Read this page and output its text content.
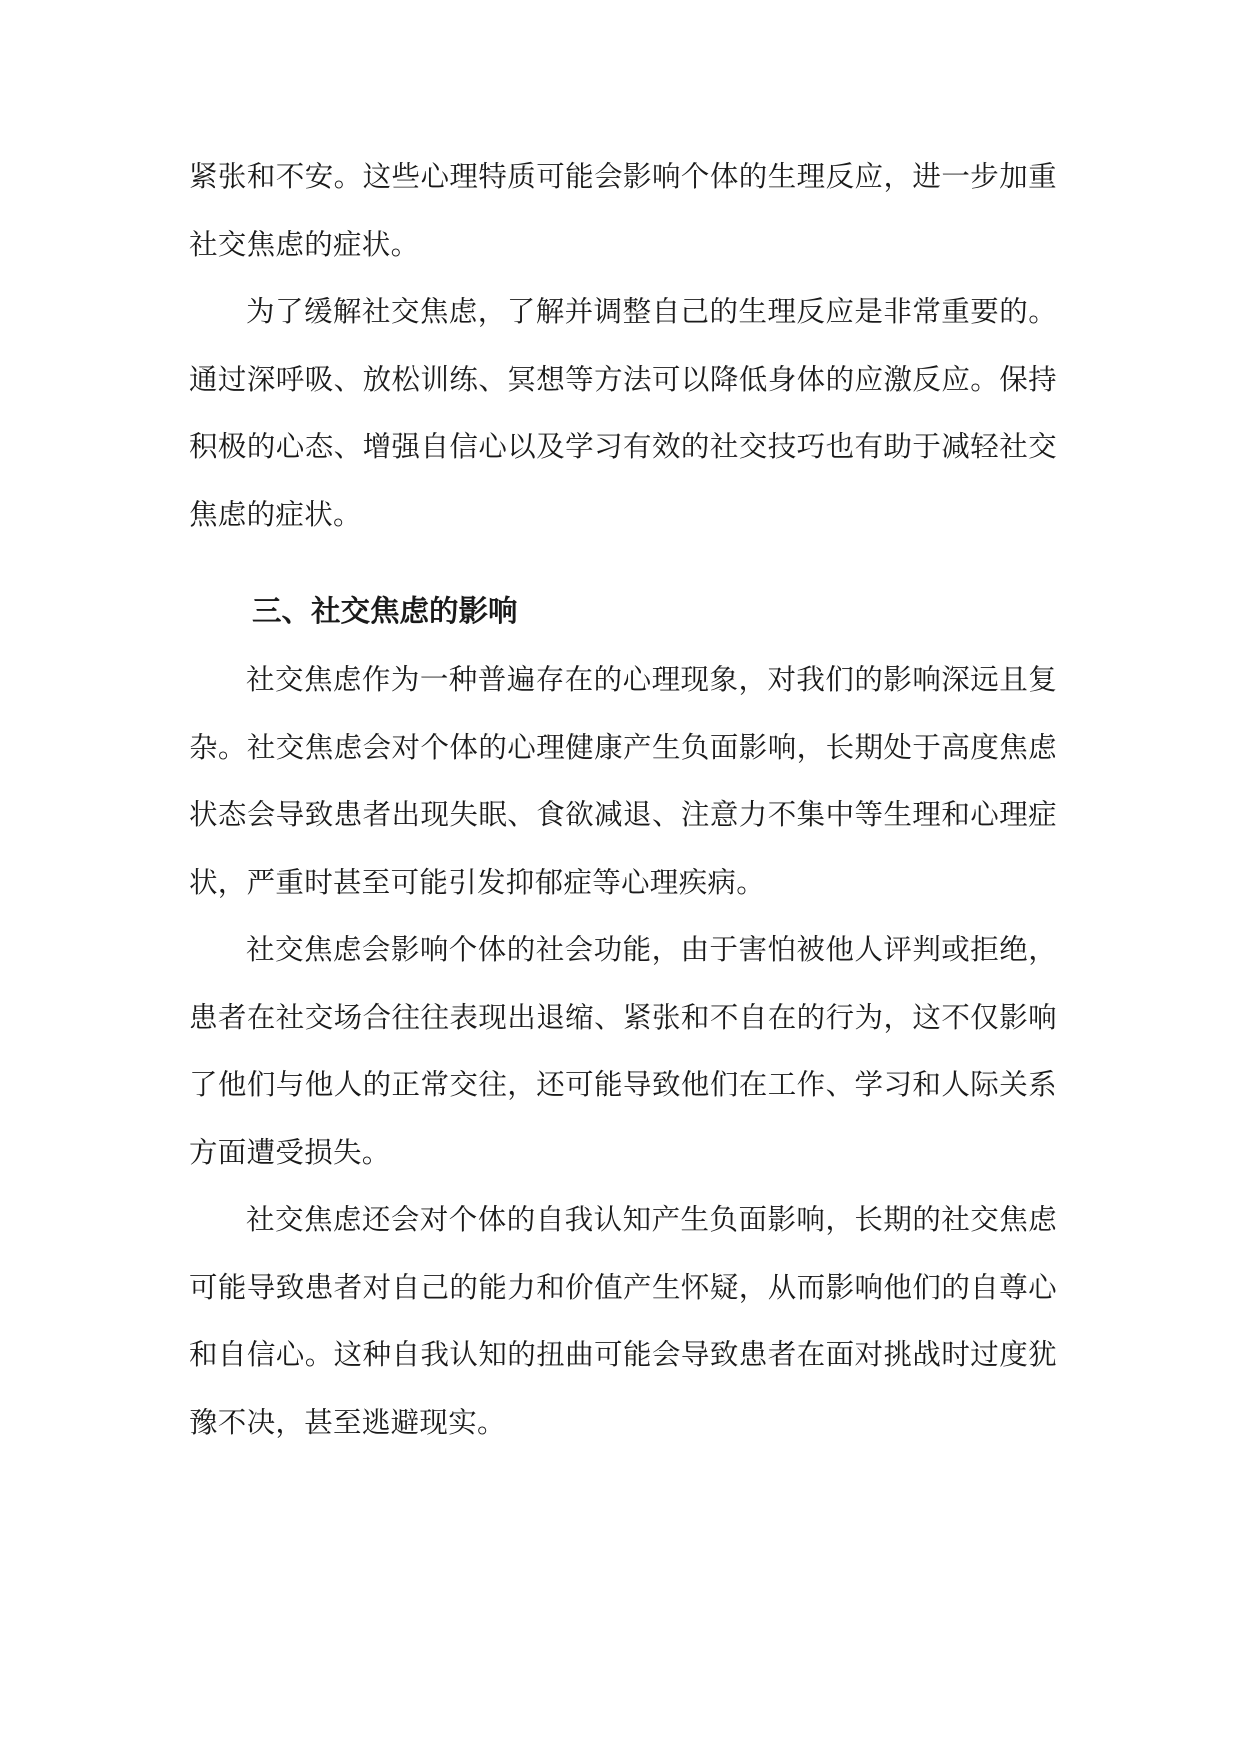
紧张和不安。这些心理特质可能会影响个体的生理反应，进一步加重
社交焦虑的症状。
为了缓解社交焦虑，了解并调整自己的生理反应是非常重要的。
通过深呼吸、放松训练、冥想等方法可以降低身体的应激反应。保持
积极的心态、增强自信心以及学习有效的社交技巧也有助于减轻社交
焦虑的症状。
三、社交焦虑的影响
社交焦虑作为一种普遍存在的心理现象，对我们的影响深远且复
杂。社交焦虑会对个体的心理健康产生负面影响，长期处于高度焦虑
状态会导致患者出现失眠、食欲减退、注意力不集中等生理和心理症
状，严重时甚至可能引发抑郁症等心理疾病。
社交焦虑会影响个体的社会功能，由于害怕被他人评判或拒绝，
患者在社交场合往往表现出退缩、紧张和不自在的行为，这不仅影响
了他们与他人的正常交往，还可能导致他们在工作、学习和人际关系
方面遭受损失。
社交焦虑还会对个体的自我认知产生负面影响，长期的社交焦虑
可能导致患者对自己的能力和价值产生怀疑，从而影响他们的自尊心
和自信心。这种自我认知的扭曲可能会导致患者在面对挑战时过度犹
豫不决，甚至逃避现实。
